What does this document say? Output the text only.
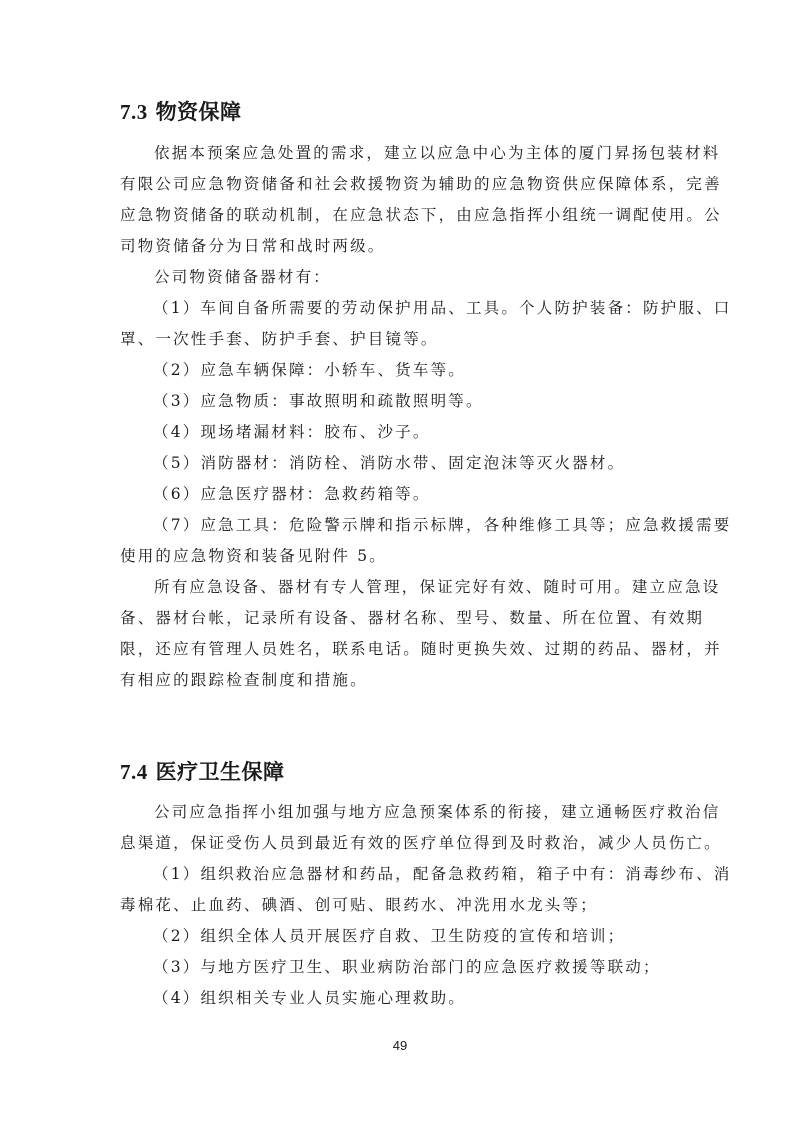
7.3 物资保障
依据本预案应急处置的需求，建立以应急中心为主体的厦门昇扬包装材料
有限公司应急物资储备和社会救援物资为辅助的应急物资供应保障体系，完善
应急物资储备的联动机制，在应急状态下，由应急指挥小组统一调配使用。公
司物资储备分为日常和战时两级。
公司物资储备器材有：
（1）车间自备所需要的劳动保护用品、工具。个人防护装备：防护服、口
罩、一次性手套、防护手套、护目镜等。
（2）应急车辆保障：小轿车、货车等。
（3）应急物质：事故照明和疏散照明等。
（4）现场堵漏材料：胶布、沙子。
（5）消防器材：消防栓、消防水带、固定泡沫等灭火器材。
（6）应急医疗器材：急救药箱等。
（7）应急工具：危险警示牌和指示标牌，各种维修工具等；应急救援需要
使用的应急物资和装备见附件 5。
所有应急设备、器材有专人管理，保证完好有效、随时可用。建立应急设
备、器材台帐，记录所有设备、器材名称、型号、数量、所在位置、有效期
限，还应有管理人员姓名，联系电话。随时更换失效、过期的药品、器材，并
有相应的跟踪检查制度和措施。
7.4 医疗卫生保障
公司应急指挥小组加强与地方应急预案体系的衔接，建立通畅医疗救治信
息渠道，保证受伤人员到最近有效的医疗单位得到及时救治，减少人员伤亡。
（1）组织救治应急器材和药品，配备急救药箱，箱子中有：消毒纱布、消
毒棉花、止血药、碘酒、创可贴、眼药水、冲洗用水龙头等；
（2）组织全体人员开展医疗自救、卫生防疫的宣传和培训；
（3）与地方医疗卫生、职业病防治部门的应急医疗救援等联动；
（4）组织相关专业人员实施心理救助。
49
